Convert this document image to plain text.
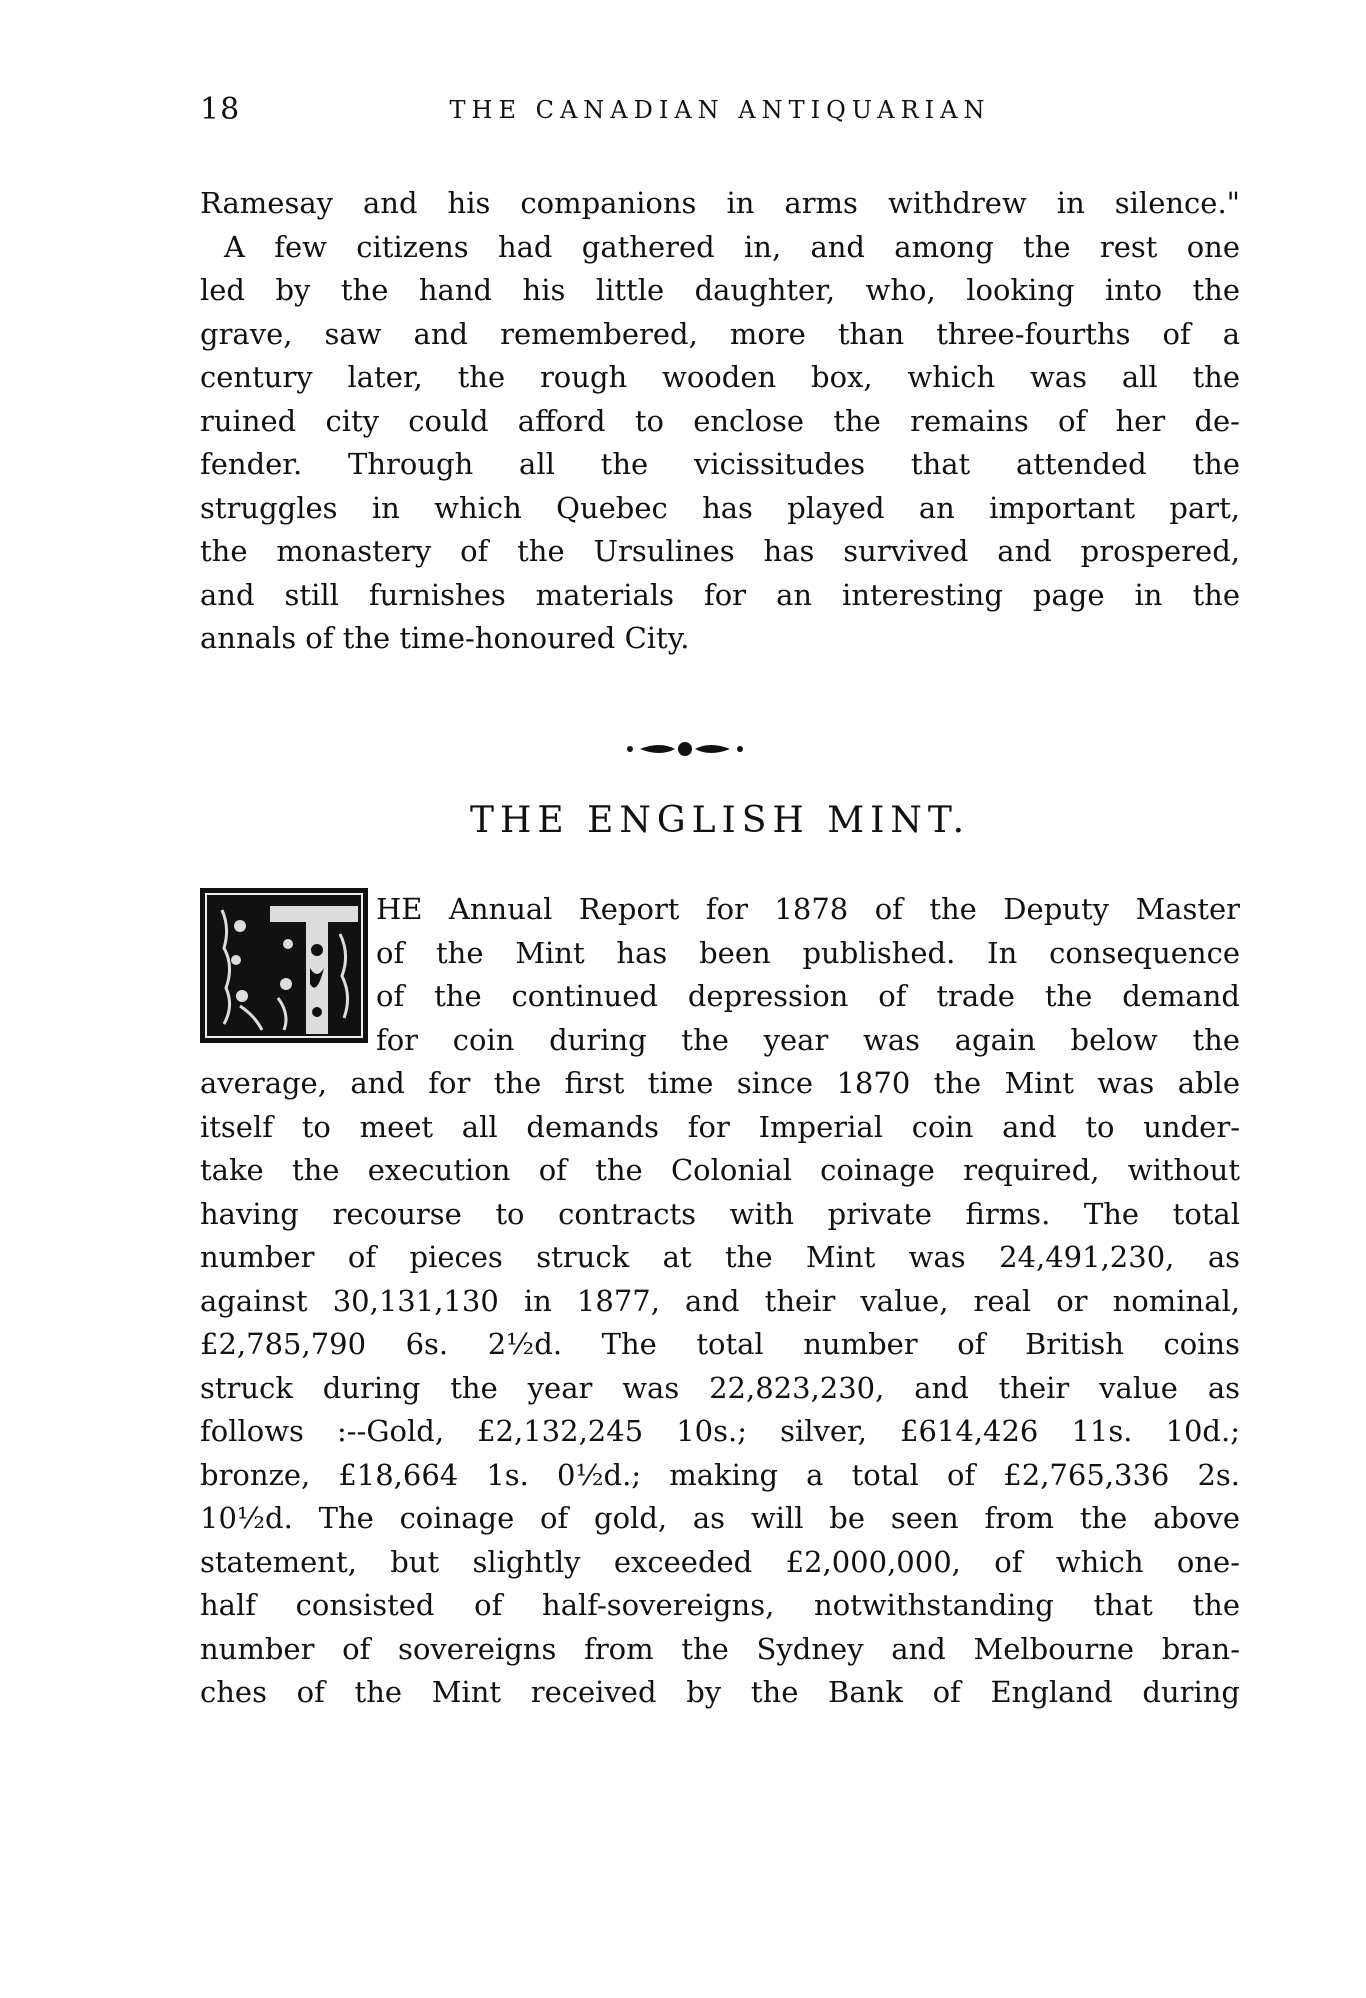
18	THE CANADIAN ANTIQUARIAN
Ramesay and his companions in arms withdrew in silence."
A few citizens had gathered in, and among the rest one
led by the hand his little daughter, who, looking into the
grave, saw and remembered, more than three-fourths of a
century later, the rough wooden box, which was all the
ruined city could afford to enclose the remains of her de-
fender. Through all the vicissitudes that attended the
struggles in which Quebec has played an important part,
the monastery of the Ursulines has survived and prospered,
and still furnishes materials for an interesting page in the
annals of the time-honoured City.
THE ENGLISH MINT.
HE Annual Report for 1878 of the Deputy Master
of the Mint has been published. In consequence
of the continued depression of trade the demand
for coin during the year was again below the
average, and for the first time since 1870 the Mint was able
itself to meet all demands for Imperial coin and to under-
take the execution of the Colonial coinage required, without
having recourse to contracts with private firms. The total
number of pieces struck at the Mint was 24,491,230, as
against 30,131,130 in 1877, and their value, real or nominal,
£2,785,790 6s. 2½d. The total number of British coins
struck during the year was 22,823,230, and their value as
follows :--Gold, £2,132,245 10s.; silver, £614,426 11s. 10d.;
bronze, £18,664 1s. 0½d.; making a total of £2,765,336 2s.
10½d. The coinage of gold, as will be seen from the above
statement, but slightly exceeded £2,000,000, of which one-
half consisted of half-sovereigns, notwithstanding that the
number of sovereigns from the Sydney and Melbourne bran-
ches of the Mint received by the Bank of England during
